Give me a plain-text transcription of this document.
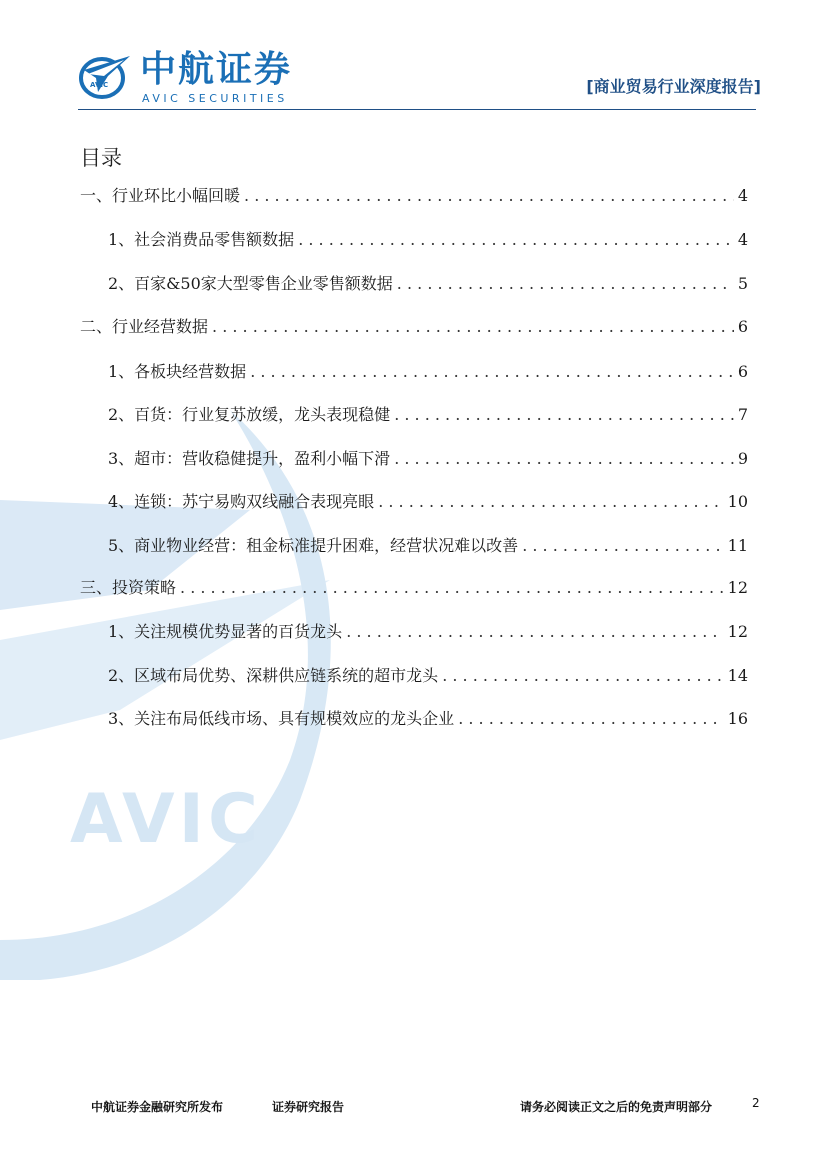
AVIC
AVIC 中航证券
AVIC SECURITIES
[商业贸易行业深度报告]
目录
一、行业环比小幅回暖 . . .	4
1、社会消费品零售额数据 . . .	4
2、百家&50家大型零售企业零售额数据 . . .	5
二、行业经营数据 . . .	6
1、各板块经营数据 . . .	6
2、百货：行业复苏放缓，龙头表现稳健 . . .	7
3、超市：营收稳健提升，盈利小幅下滑 . . .	9
4、连锁：苏宁易购双线融合表现亮眼 . . .	10
5、商业物业经营：租金标准提升困难，经营状况难以改善 . . .	11
三、投资策略 . . .	12
1、关注规模优势显著的百货龙头 . . .	12
2、区域布局优势、深耕供应链系统的超市龙头 . . .	14
3、关注布局低线市场、具有规模效应的龙头企业 . . .	16
中航证券金融研究所发布	证券研究报告	请务必阅读正文之后的免责声明部分	2
